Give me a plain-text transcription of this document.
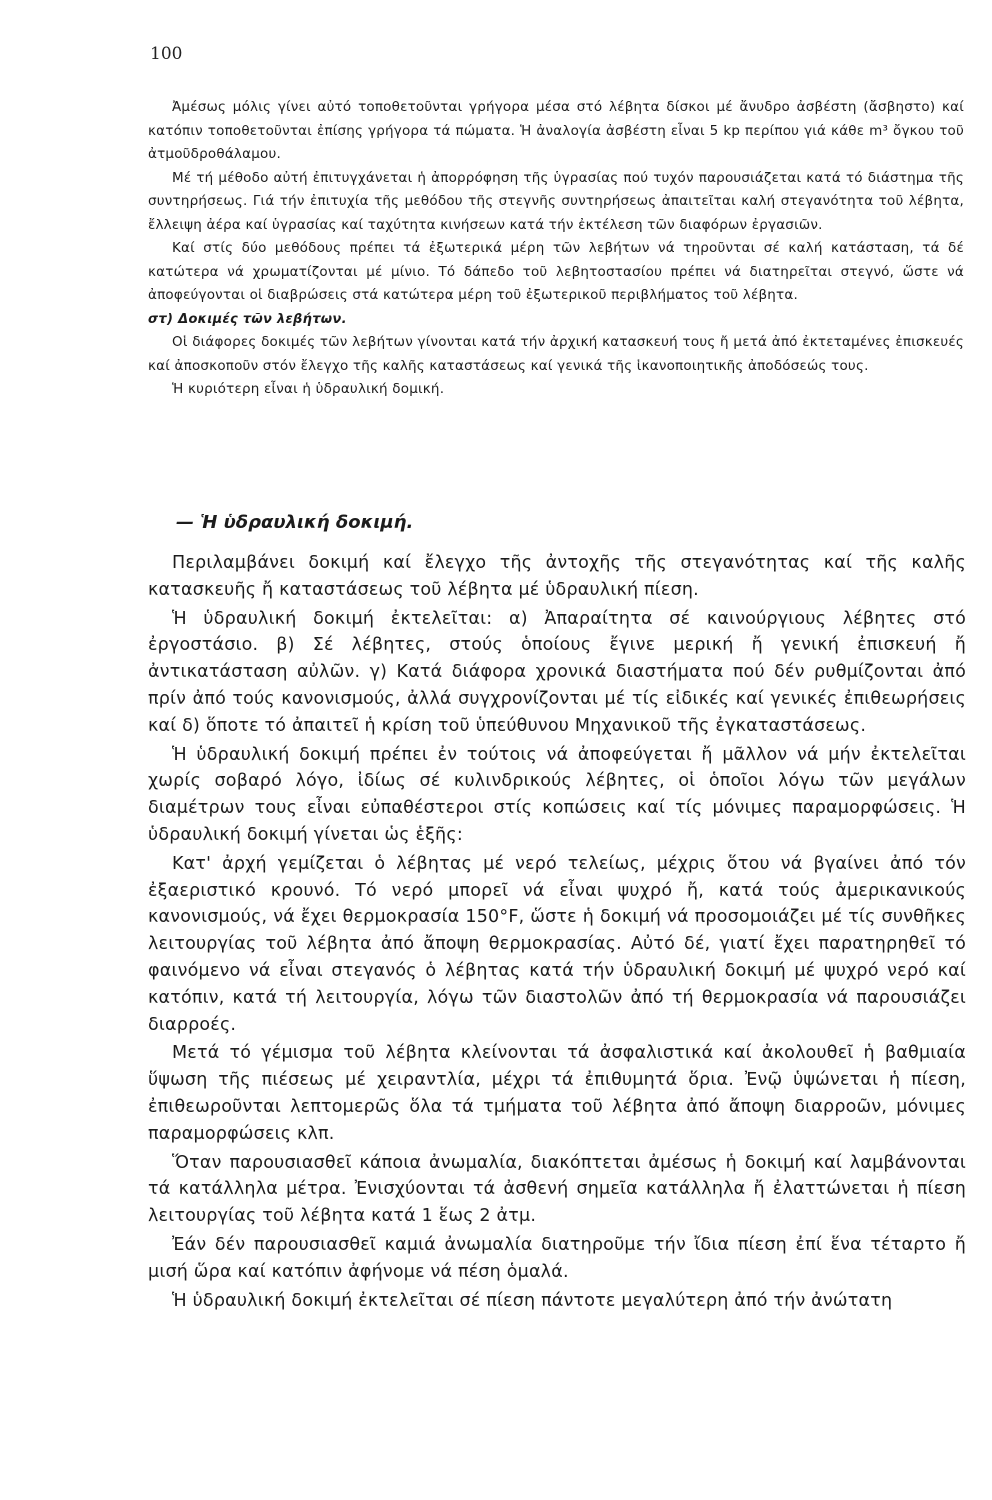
100

Ἀμέσως μόλις γίνει αὐτό τοποθετοῦνται γρήγορα μέσα στό λέβητα δίσκοι μέ ἄνυδρο ἀσβέστη (ἄσβηστο) καί κατόπιν τοποθετοῦνται ἐπίσης γρήγορα τά πώματα. Ἡ ἀναλογία ἀσβέστη εἶναι 5 kp περίπου γιά κάθε m³ ὄγκου τοῦ ἀτμοῦδροθάλαμου.

Μέ τή μέθοδο αὐτή ἐπιτυγχάνεται ἡ ἀπορρόφηση τῆς ὑγρασίας πού τυχόν παρουσιάζεται κατά τό διάστημα τῆς συντηρήσεως. Γιά τήν ἐπιτυχία τῆς μεθόδου τῆς στεγνῆς συντηρήσεως ἀπαιτεῖται καλή στεγανότητα τοῦ λέβητα, ἔλλειψη ἀέρα καί ὑγρασίας καί ταχύτητα κινήσεων κατά τήν ἐκτέλεση τῶν διαφόρων ἐργασιῶν.

Καί στίς δύο μεθόδους πρέπει τά ἐξωτερικά μέρη τῶν λεβήτων νά τηροῦνται σέ καλή κατάσταση, τά δέ κατώτερα νά χρωματίζονται μέ μίνιο. Τό δάπεδο τοῦ λεβητοστασίου πρέπει νά διατηρεῖται στεγνό, ὥστε νά ἀποφεύγονται οἱ διαβρώσεις στά κατώτερα μέρη τοῦ ἐξωτερικοῦ περιβλήματος τοῦ λέβητα.

στ) Δοκιμές τῶν λεβήτων.

Οἱ διάφορες δοκιμές τῶν λεβήτων γίνονται κατά τήν ἀρχική κατασκευή τους ἤ μετά ἀπό ἐκτεταμένες ἐπισκευές καί ἀποσκοποῦν στόν ἔλεγχο τῆς καλῆς καταστάσεως καί γενικά τῆς ἱκανοποιητικῆς ἀποδόσεώς τους.

Ἡ κυριότερη εἶναι ἡ ὑδραυλική δομική.

— Ἡ ὑδραυλική δοκιμή.

Περιλαμβάνει δοκιμή καί ἔλεγχο τῆς ἀντοχῆς τῆς στεγανότητας καί τῆς καλῆς κατασκευῆς ἤ καταστάσεως τοῦ λέβητα μέ ὑδραυλική πίεση.

Ἡ ὑδραυλική δοκιμή ἐκτελεῖται: α) Ἀπαραίτητα σέ καινούργιους λέβητες στό ἐργοστάσιο. β) Σέ λέβητες, στούς ὁποίους ἔγινε μερική ἤ γενική ἐπισκευή ἤ ἀντικατάσταση αὐλῶν. γ) Κατά διάφορα χρονικά διαστήματα πού δέν ρυθμίζονται ἀπό πρίν ἀπό τούς κανονισμούς, ἀλλά συγχρονίζονται μέ τίς εἰδικές καί γενικές ἐπιθεωρήσεις καί δ) ὅποτε τό ἀπαιτεῖ ἡ κρίση τοῦ ὑπεύθυνου Μηχανικοῦ τῆς ἐγκαταστάσεως.

Ἡ ὑδραυλική δοκιμή πρέπει ἐν τούτοις νά ἀποφεύγεται ἤ μᾶλλον νά μήν ἐκτελεῖται χωρίς σοβαρό λόγο, ἰδίως σέ κυλινδρικούς λέβητες, οἱ ὁποῖοι λόγω τῶν μεγάλων διαμέτρων τους εἶναι εὐπαθέστεροι στίς κοπώσεις καί τίς μόνιμες παραμορφώσεις. Ἡ ὑδραυλική δοκιμή γίνεται ὡς ἑξῆς:

Κατ' ἀρχή γεμίζεται ὁ λέβητας μέ νερό τελείως, μέχρις ὅτου νά βγαίνει ἀπό τόν ἐξαεριστικό κρουνό. Τό νερό μπορεῖ νά εἶναι ψυχρό ἤ, κατά τούς ἀμερικανικούς κανονισμούς, νά ἔχει θερμοκρασία 150°F, ὥστε ἡ δοκιμή νά προσομοιάζει μέ τίς συνθῆκες λειτουργίας τοῦ λέβητα ἀπό ἄποψη θερμοκρασίας. Αὐτό δέ, γιατί ἔχει παρατηρηθεῖ τό φαινόμενο νά εἶναι στεγανός ὁ λέβητας κατά τήν ὑδραυλική δοκιμή μέ ψυχρό νερό καί κατόπιν, κατά τή λειτουργία, λόγω τῶν διαστολῶν ἀπό τή θερμοκρασία νά παρουσιάζει διαρροές.

Μετά τό γέμισμα τοῦ λέβητα κλείνονται τά ἀσφαλιστικά καί ἀκολουθεῖ ἡ βαθμιαία ὕψωση τῆς πιέσεως μέ χειραντλία, μέχρι τά ἐπιθυμητά ὅρια. Ἐνῷ ὑψώνεται ἡ πίεση, ἐπιθεωροῦνται λεπτομερῶς ὅλα τά τμήματα τοῦ λέβητα ἀπό ἄποψη διαρροῶν, μόνιμες παραμορφώσεις κλπ.

Ὅταν παρουσιασθεῖ κάποια ἀνωμαλία, διακόπτεται ἀμέσως ἡ δοκιμή καί λαμβάνονται τά κατάλληλα μέτρα. Ἐνισχύονται τά ἀσθενή σημεῖα κατάλληλα ἤ ἐλαττώνεται ἡ πίεση λειτουργίας τοῦ λέβητα κατά 1 ἕως 2 ἀτμ.

Ἐάν δέν παρουσιασθεῖ καμιά ἀνωμαλία διατηροῦμε τήν ἴδια πίεση ἐπί ἕνα τέταρτο ἤ μισή ὥρα καί κατόπιν ἀφήνομε νά πέση ὁμαλά.

Ἡ ὑδραυλική δοκιμή ἐκτελεῖται σέ πίεση πάντοτε μεγαλύτερη ἀπό τήν ἀνώτατη
